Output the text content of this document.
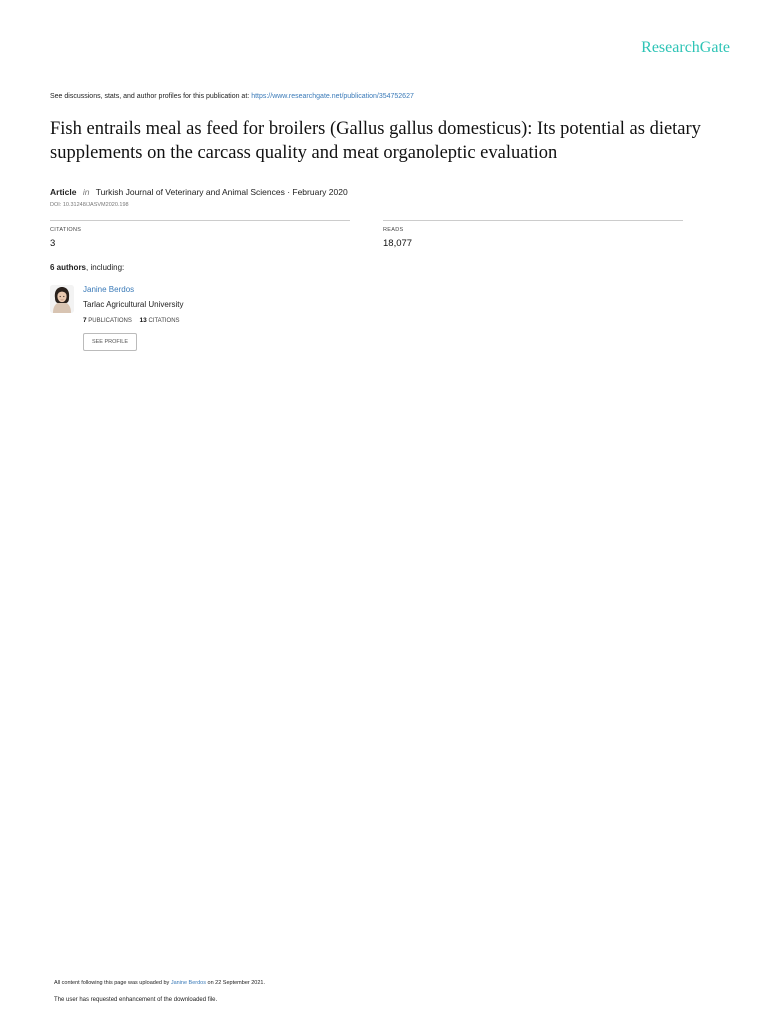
ResearchGate
See discussions, stats, and author profiles for this publication at: https://www.researchgate.net/publication/354752627
Fish entrails meal as feed for broilers (Gallus gallus domesticus): Its potential as dietary supplements on the carcass quality and meat organoleptic evaluation
Article in Turkish Journal of Veterinary and Animal Sciences · February 2020
DOI: 10.31248/JASVM2020.198
CITATIONS
3
READS
18,077
6 authors, including:
Janine Berdos
Tarlac Agricultural University
7 PUBLICATIONS 13 CITATIONS
SEE PROFILE
All content following this page was uploaded by Janine Berdos on 22 September 2021.
The user has requested enhancement of the downloaded file.
